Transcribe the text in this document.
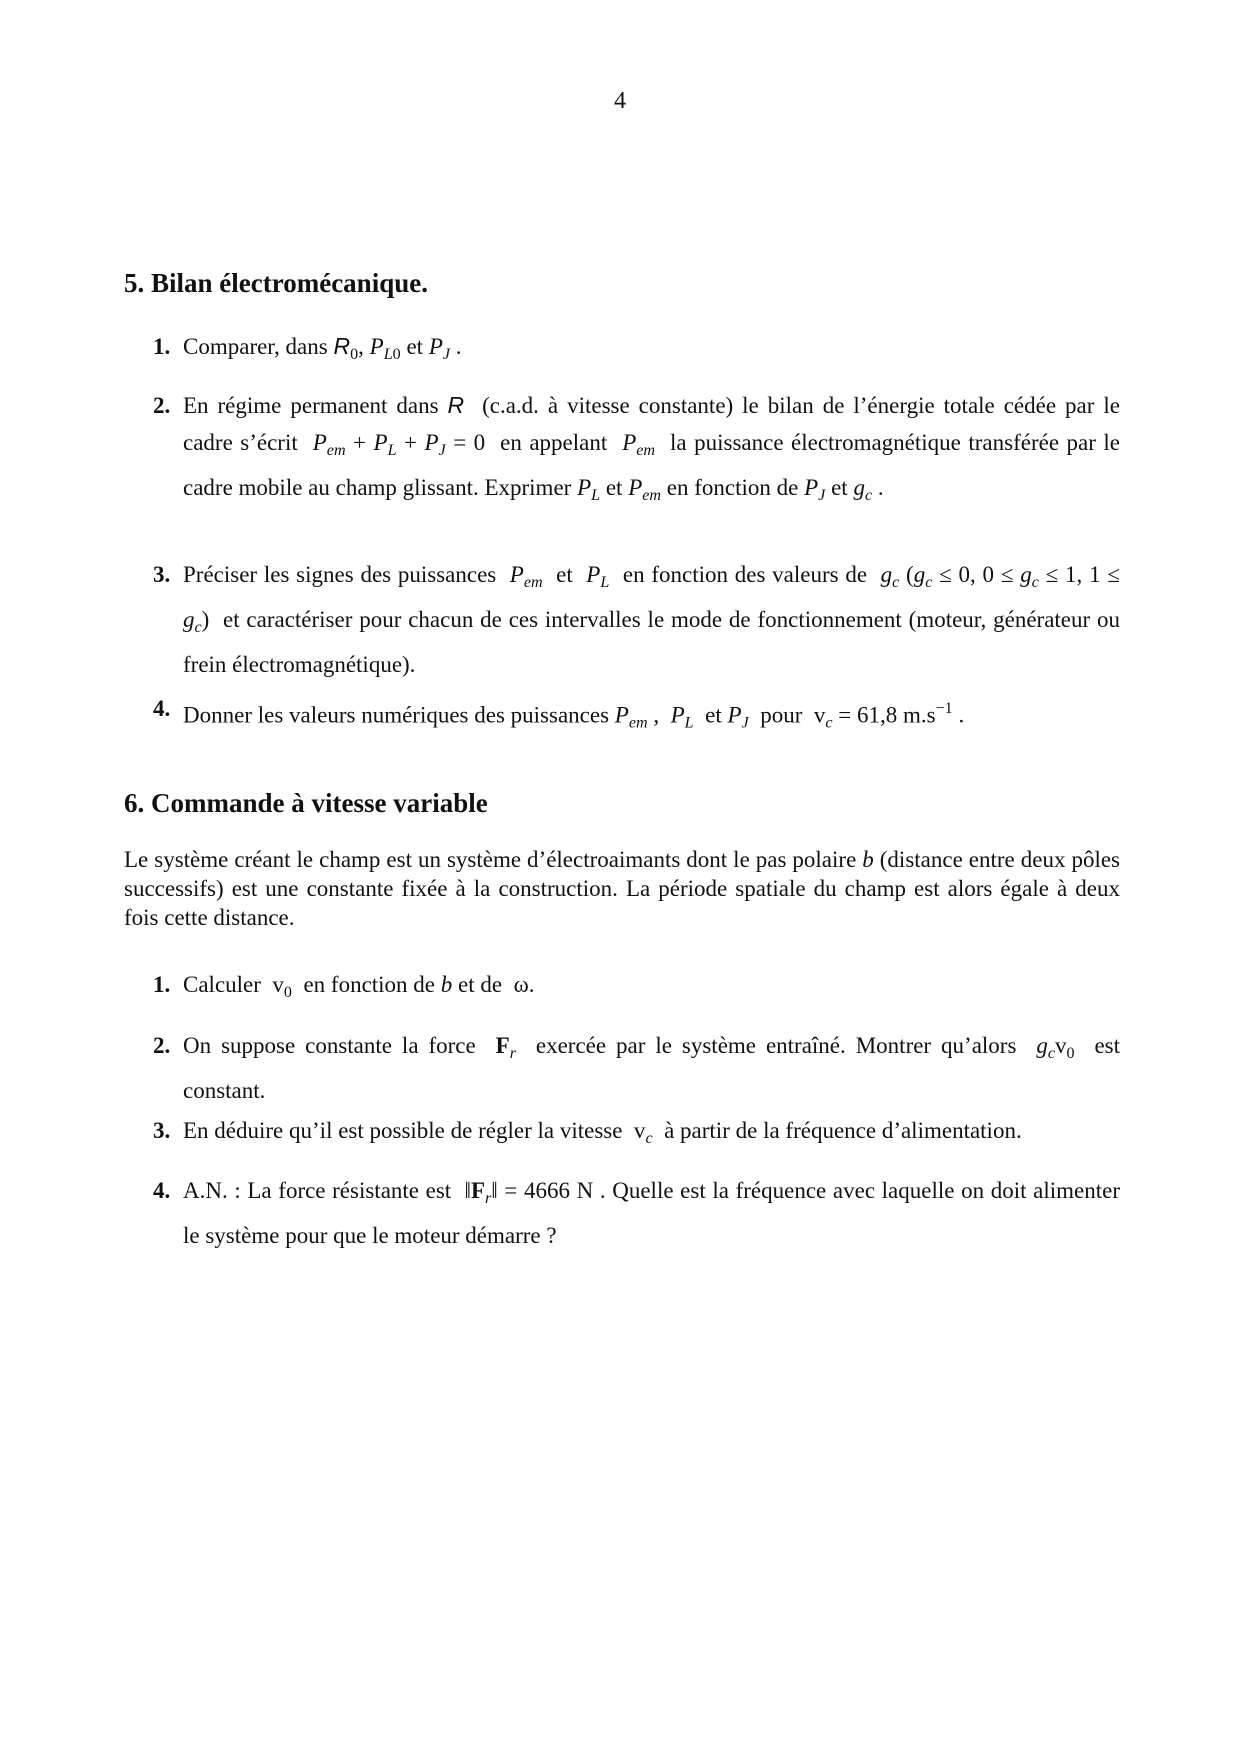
4
5. Bilan électromécanique.
1. Comparer, dans $R_0$, $P_{L0}$ et $P_J$ .
2. En régime permanent dans R  (c.a.d. à vitesse constante) le bilan de l’énergie totale cédée par le cadre s’écrit  $P_{em} + P_L + P_J = 0$  en appelant  $P_{em}$  la puissance électromagnétique transférée par le cadre mobile au champ glissant. Exprimer $P_L$ et $P_{em}$ en fonction de $P_J$ et $g_c$ .
3. Préciser les signes des puissances  $P_{em}$  et  $P_L$  en fonction des valeurs de  $g_c$ ($g_c \le 0$, $0 \le g_c \le 1$, $1 \le g_c$)  et caractériser pour chacun de ces intervalles le mode de fonctionnement (moteur, générateur ou frein électromagnétique).
4. Donner les valeurs numériques des puissances $P_{em}$ ,  $P_L$  et $P_J$  pour  $v_c = 61,8$ $m.s^{-1}$ .
6. Commande à vitesse variable

Le système créant le champ est un système d’électroaimants dont le pas polaire b (distance entre deux pôles successifs) est une constante fixée à la construction. La période spatiale du champ est alors égale à deux fois cette distance.

1. Calculer  $v_0$  en fonction de b et de  ω.
2. On suppose constante la force  $F_r$  exercée par le système entraîné. Montrer qu’alors  $g_cv_0$  est constant.
3. En déduire qu’il est possible de régler la vitesse  $v_c$  à partir de la fréquence d’alimentation.
4. A.N. : La force résistante est  $‖F_r‖ = 4666$ N . Quelle est la fréquence avec laquelle on doit alimenter le système pour que le moteur démarre ?
